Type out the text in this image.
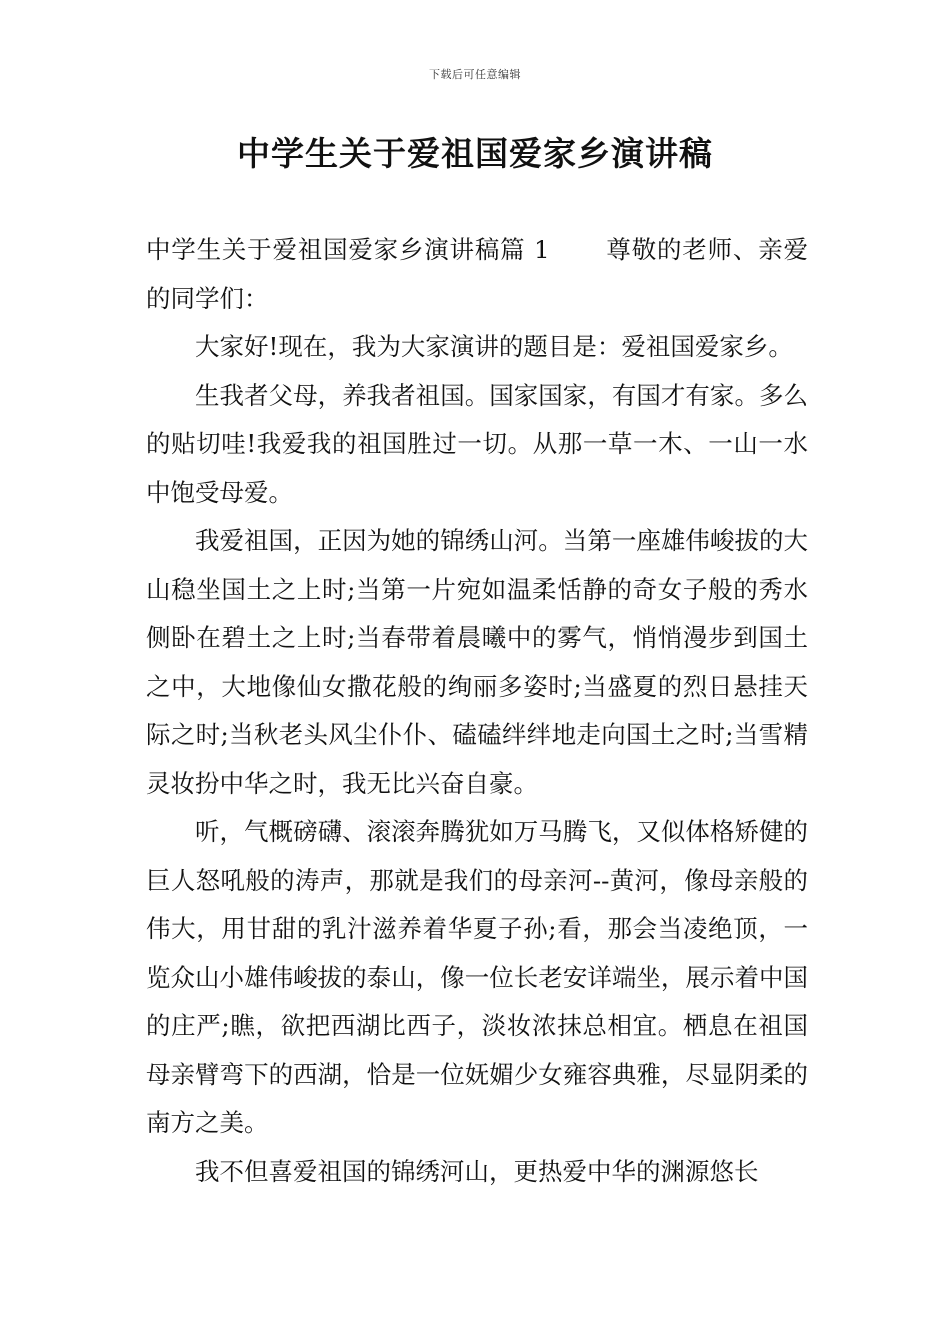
下载后可任意编辑
中学生关于爱祖国爱家乡演讲稿

中学生关于爱祖国爱家乡演讲稿篇 1 尊敬的老师、亲爱的同学们：

大家好!现在，我为大家演讲的题目是：爱祖国爱家乡。

生我者父母，养我者祖国。国家国家，有国才有家。多么的贴切哇!我爱我的祖国胜过一切。从那一草一木、一山一水中饱受母爱。

我爱祖国，正因为她的锦绣山河。当第一座雄伟峻拔的大山稳坐国土之上时;当第一片宛如温柔恬静的奇女子般的秀水侧卧在碧土之上时;当春带着晨曦中的雾气，悄悄漫步到国土之中，大地像仙女撒花般的绚丽多姿时;当盛夏的烈日悬挂天际之时;当秋老头风尘仆仆、磕磕绊绊地走向国土之时;当雪精灵妆扮中华之时，我无比兴奋自豪。

听，气概磅礴、滚滚奔腾犹如万马腾飞，又似体格矫健的巨人怒吼般的涛声，那就是我们的母亲河--黄河，像母亲般的伟大，用甘甜的乳汁滋养着华夏子孙;看，那会当凌绝顶，一览众山小雄伟峻拔的泰山，像一位长老安详端坐，展示着中国的庄严;瞧，欲把西湖比西子，淡妆浓抹总相宜。栖息在祖国母亲臂弯下的西湖，恰是一位妩媚少女雍容典雅，尽显阴柔的南方之美。

我不但喜爱祖国的锦绣河山，更热爱中华的渊源悠长
